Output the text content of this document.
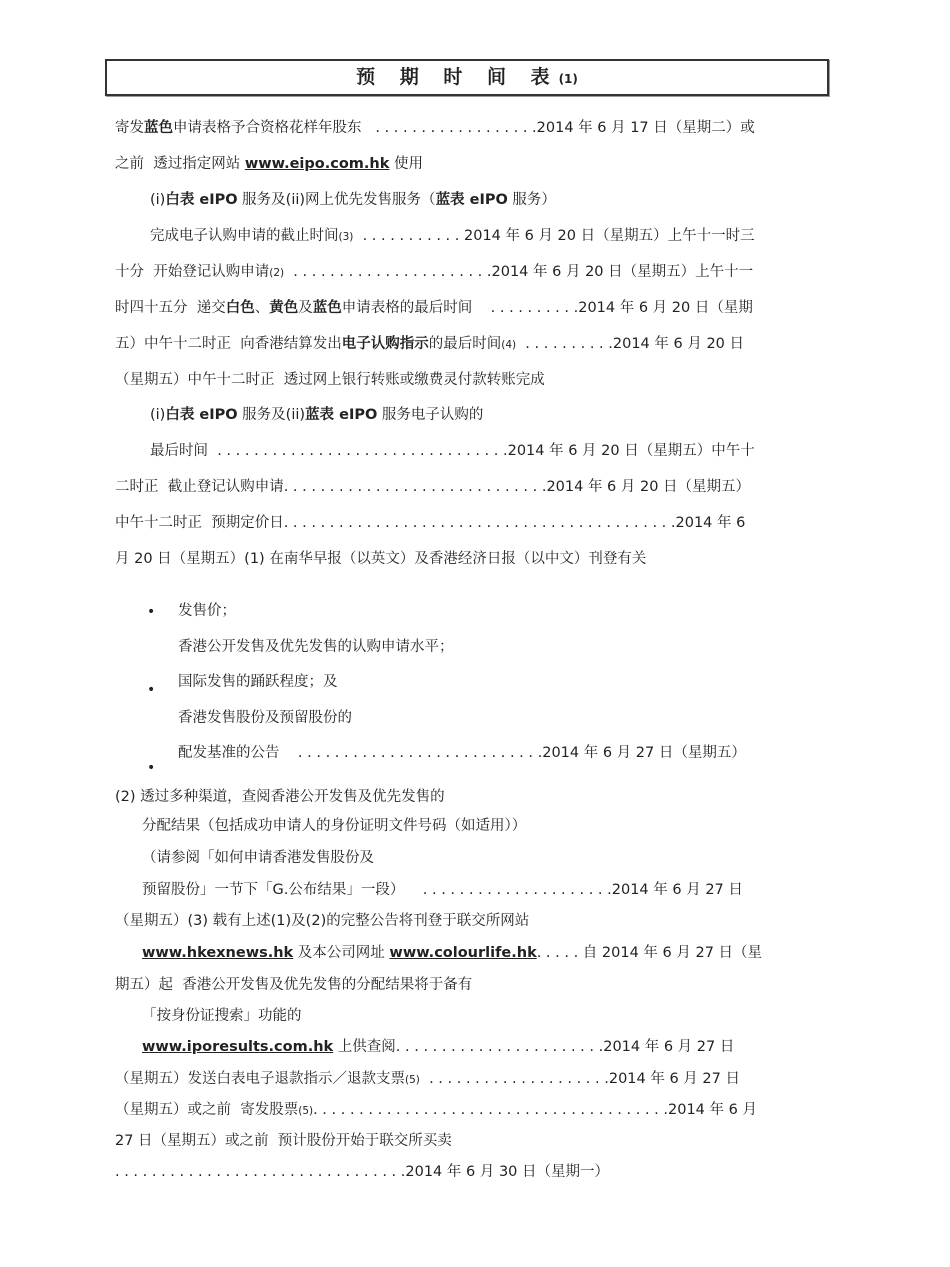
预 期 时 间 表(1)
寄发蓝色申请表格予合资格花样年股东   . . . . . . . . . . . . . . . . . .2014 年 6 月 17 日（星期二）或
之前  透过指定网站 www.eipo.com.hk 使用
(i)白表 eIPO 服务及(ii)网上优先发售服务（蓝表 eIPO 服务）
完成电子认购申请的截止时间(3)  . . . . . . . . . . . 2014 年 6 月 20 日（星期五）上午十一时三
十分  开始登记认购申请(2)  . . . . . . . . . . . . . . . . . . . . . .2014 年 6 月 20 日（星期五）上午十一
时四十五分  递交白色、黄色及蓝色申请表格的最后时间    . . . . . . . . . .2014 年 6 月 20 日（星期
五）中午十二时正  向香港结算发出电子认购指示的最后时间(4)  . . . . . . . . . .2014 年 6 月 20 日
（星期五）中午十二时正  透过网上银行转账或缴费灵付款转账完成
(i)白表 eIPO 服务及(ii)蓝表 eIPO 服务电子认购的
最后时间  . . . . . . . . . . . . . . . . . . . . . . . . . . . . . . . .2014 年 6 月 20 日（星期五）中午十
二时正  截止登记认购申请. . . . . . . . . . . . . . . . . . . . . . . . . . . . .2014 年 6 月 20 日（星期五）
中午十二时正  预期定价日. . . . . . . . . . . . . . . . . . . . . . . . . . . . . . . . . . . . . . . . . . .2014 年 6
月 20 日（星期五）(1) 在南华早报（以英文）及香港经济日报（以中文）刊登有关
发售价；
香港公开发售及优先发售的认购申请水平；
国际发售的踊跃程度；及
香港发售股份及预留股份的
配发基准的公告    . . . . . . . . . . . . . . . . . . . . . . . . . . .2014 年 6 月 27 日（星期五）
(2) 透过多种渠道，查阅香港公开发售及优先发售的
分配结果（包括成功申请人的身份证明文件号码（如适用））
（请参阅「如何申请香港发售股份及
预留股份」一节下「G.公布结果」一段）    . . . . . . . . . . . . . . . . . . . . .2014 年 6 月 27 日
（星期五）(3) 载有上述(1)及(2)的完整公告将刊登于联交所网站
www.hkexnews.hk 及本公司网址 www.colourlife.hk. . . . . 自 2014 年 6 月 27 日（星
期五）起  香港公开发售及优先发售的分配结果将于备有
「按身份证搜索」功能的
www.iporesults.com.hk 上供查阅. . . . . . . . . . . . . . . . . . . . . . .2014 年 6 月 27 日
（星期五）发送白表电子退款指示／退款支票(5)  . . . . . . . . . . . . . . . . . . . .2014 年 6 月 27 日
（星期五）或之前  寄发股票(5). . . . . . . . . . . . . . . . . . . . . . . . . . . . . . . . . . . . . . .2014 年 6 月
27 日（星期五）或之前  预计股份开始于联交所买卖
. . . . . . . . . . . . . . . . . . . . . . . . . . . . . . . .2014 年 6 月 30 日（星期一）
•
•
•
